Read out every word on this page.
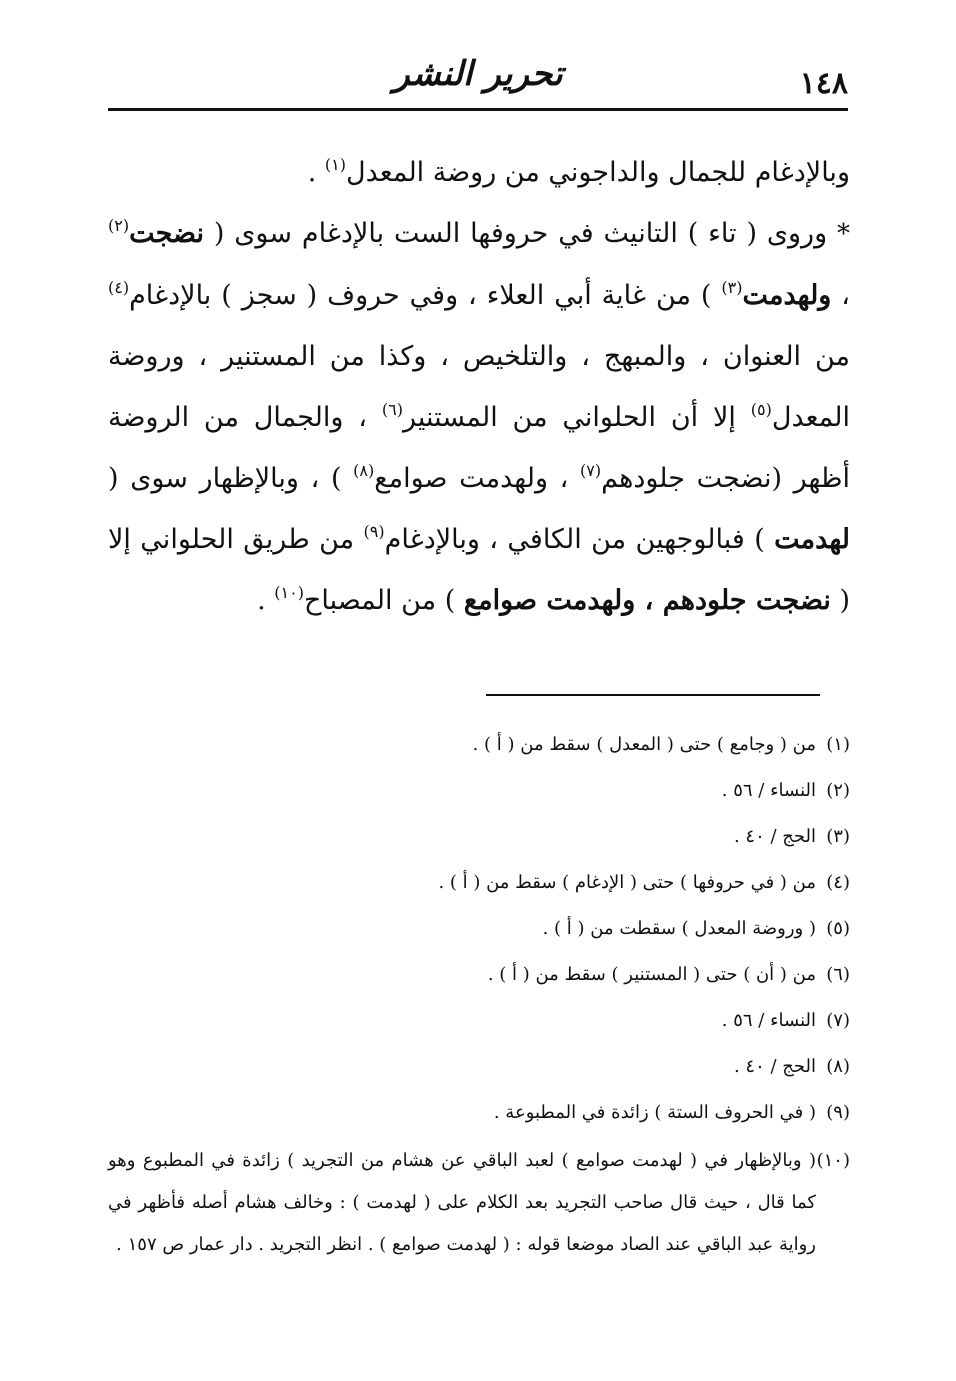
١٤٨
تحرير النشر

وبالإدغام للجمال والداجوني من روضة المعدل$^{(١)}$ .

* وروى ( تاء ) التانيث في حروفها الست بالإدغام سوى ( نضجت$^{(٢)}$ ، ولهدمت$^{(٣)}$ ) من غاية أبي العلاء ، وفي حروف ( سجز ) بالإدغام$^{(٤)}$ من العنوان ، والمبهج ، والتلخيص ، وكذا من المستنير ، وروضة المعدل$^{(٥)}$ إلا أن الحلواني من المستنير$^{(٦)}$ ، والجمال من الروضة أظهر (نضجت جلودهم$^{(٧)}$ ، ولهدمت صوامع$^{(٨)}$ ) ، وبالإظهار سوى ( لهدمت ) فبالوجهين من الكافي ، وبالإدغام$^{(٩)}$ من طريق الحلواني إلا ( نضجت جلودهم ، ولهدمت صوامع ) من المصباح$^{(١٠)}$ .

(١)
من ( وجامع ) حتى ( المعدل ) سقط من ( أ ) .
(٢)
النساء / ٥٦ .
(٣)
الحج / ٤٠ .
(٤)
من ( في حروفها ) حتى ( الإدغام ) سقط من ( أ ) .
(٥)
( وروضة المعدل ) سقطت من ( أ ) .
(٦)
من ( أن ) حتى ( المستنير ) سقط من ( أ ) .
(٧)
النساء / ٥٦ .
(٨)
الحج / ٤٠ .
(٩)
( في الحروف الستة ) زائدة في المطبوعة .
(١٠)
( وبالإظهار في ( لهدمت صوامع ) لعبد الباقي عن هشام من التجريد ) زائدة في المطبوع وهو كما قال ، حيث قال صاحب التجريد بعد الكلام على ( لهدمت ) : وخالف هشام أصله فأظهر في رواية عبد الباقي عند الصاد موضعا قوله : ( لهدمت صوامع ) . انظر التجريد . دار عمار ص ١٥٧ .
